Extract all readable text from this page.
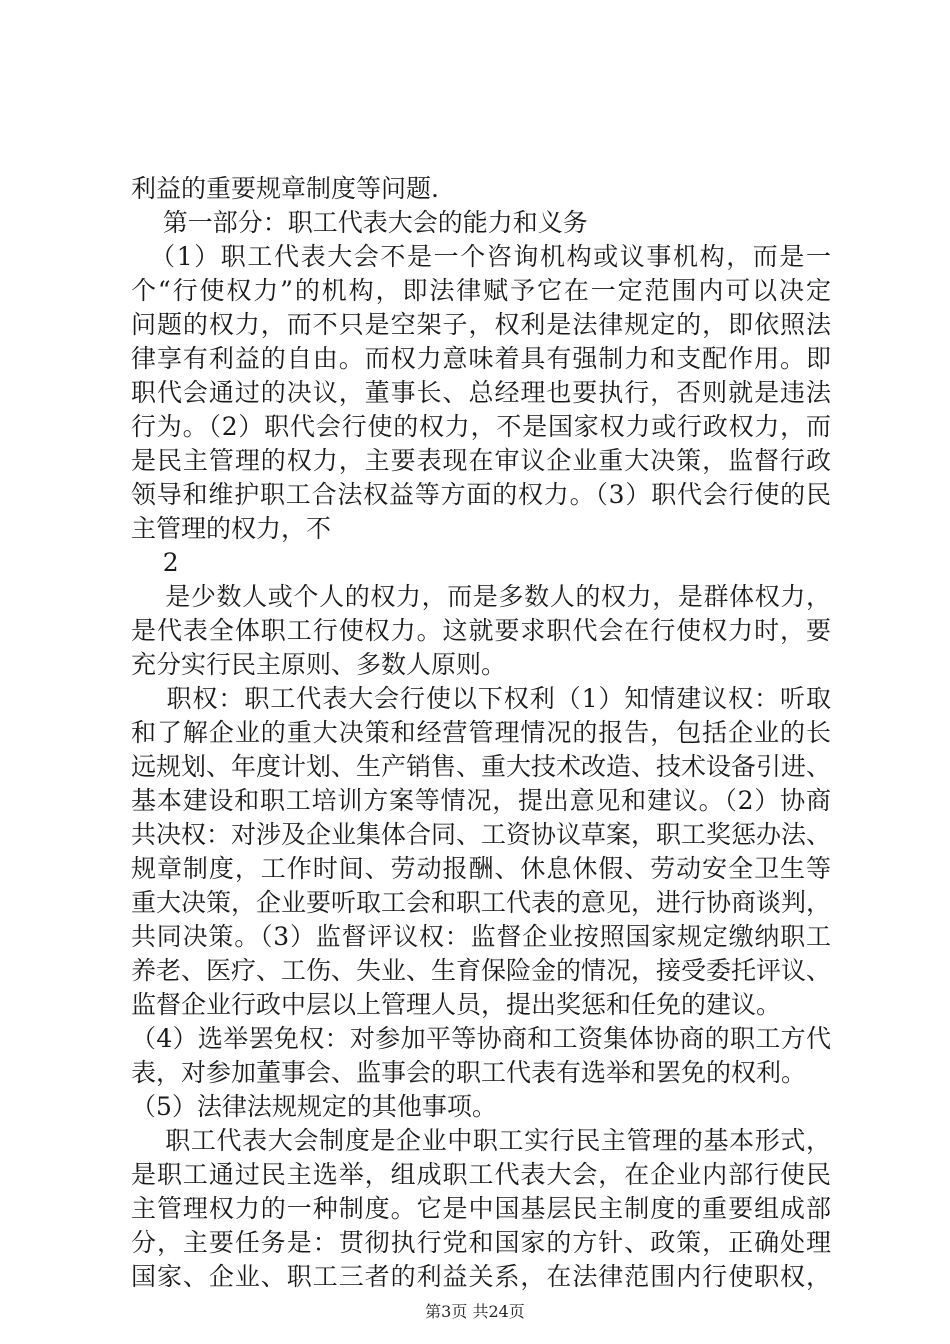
利益的重要规章制度等问题.
第一部分：职工代表大会的能力和义务
（1）职工代表大会不是一个咨询机构或议事机构，而是一
个“行使权力”的机构，即法律赋予它在一定范围内可以决定
问题的权力，而不只是空架子，权利是法律规定的，即依照法
律享有利益的自由。而权力意味着具有强制力和支配作用。即
职代会通过的决议，董事长、总经理也要执行，否则就是违法
行为。（2）职代会行使的权力，不是国家权力或行政权力，而
是民主管理的权力，主要表现在审议企业重大决策，监督行政
领导和维护职工合法权益等方面的权力。（3）职代会行使的民
主管理的权力，不
2
是少数人或个人的权力，而是多数人的权力，是群体权力，
是代表全体职工行使权力。这就要求职代会在行使权力时，要
充分实行民主原则、多数人原则。
职权：职工代表大会行使以下权利（1）知情建议权：听取
和了解企业的重大决策和经营管理情况的报告，包括企业的长
远规划、年度计划、生产销售、重大技术改造、技术设备引进、
基本建设和职工培训方案等情况，提出意见和建议。（2）协商
共决权：对涉及企业集体合同、工资协议草案，职工奖惩办法、
规章制度，工作时间、劳动报酬、休息休假、劳动安全卫生等
重大决策，企业要听取工会和职工代表的意见，进行协商谈判，
共同决策。（3）监督评议权：监督企业按照国家规定缴纳职工
养老、医疗、工伤、失业、生育保险金的情况，接受委托评议、
监督企业行政中层以上管理人员，提出奖惩和任免的建议。
（4）选举罢免权：对参加平等协商和工资集体协商的职工方代
表，对参加董事会、监事会的职工代表有选举和罢免的权利。
（5）法律法规规定的其他事项。
职工代表大会制度是企业中职工实行民主管理的基本形式，
是职工通过民主选举，组成职工代表大会，在企业内部行使民
主管理权力的一种制度。它是中国基层民主制度的重要组成部
分，主要任务是：贯彻执行党和国家的方针、政策，正确处理
国家、企业、职工三者的利益关系，在法律范围内行使职权，
第3页 共24页
